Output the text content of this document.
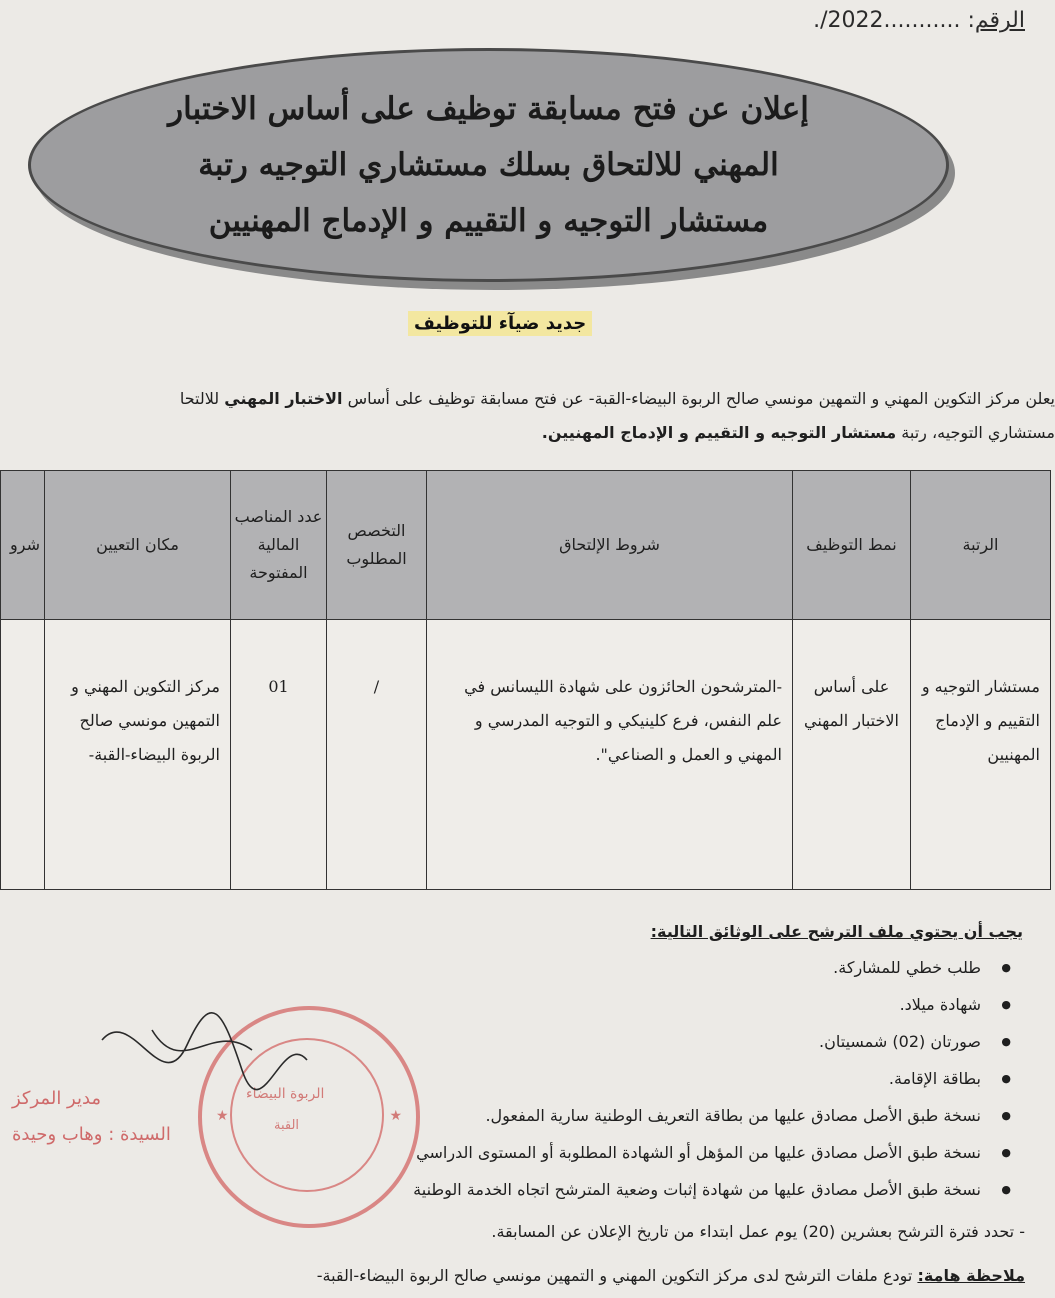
الرقم: ...........2022/.
إعلان عن فتح مسابقة توظيف على أساس الاختبار
المهني للالتحاق بسلك مستشاري التوجيه رتبة
مستشار التوجيه و التقييم و الإدماج المهنيين
جديد ضيآء للتوظيف
يعلن مركز التكوين المهني و التمهين مونسي صالح الربوة البيضاء-القبة- عن فتح مسابقة توظيف على أساس الاختبار المهني للالتحا
مستشاري التوجيه، رتبة مستشار التوجيه و التقييم و الإدماج المهنيين.
الرتبة	نمط التوظيف	شروط الإلتحاق	التخصص المطلوب	عدد المناصب المالية المفتوحة	مكان التعيين	شرو
مستشار التوجيه و التقييم و الإدماج المهنيين	على أساس الاختبار المهني	-المترشحون الحائزون على شهادة الليسانس في علم النفس، فرع كلينيكي و التوجيه المدرسي و المهني و العمل و الصناعي".	/	01	مركز التكوين المهني و التمهين مونسي صالح الربوة البيضاء-القبة-	
يجب أن يحتوي ملف الترشح على الوثائق التالية:
● طلب خطي للمشاركة.
● شهادة ميلاد.
● صورتان (02) شمسيتان.
● بطاقة الإقامة.
● نسخة طبق الأصل مصادق عليها من بطاقة التعريف الوطنية سارية المفعول.
● نسخة طبق الأصل مصادق عليها من المؤهل أو الشهادة المطلوبة أو المستوى الدراسي
● نسخة طبق الأصل مصادق عليها من شهادة إثبات وضعية المترشح اتجاه الخدمة الوطنية
- تحدد فترة الترشح بعشرين (20) يوم عمل ابتداء من تاريخ الإعلان عن المسابقة.
ملاحظة هامة: تودع ملفات الترشح لدى مركز التكوين المهني و التمهين مونسي صالح الربوة البيضاء-القبة-
★	★
الربوة البيضاء
القبة
مدير المركز
السيدة : وهاب وحيدة
